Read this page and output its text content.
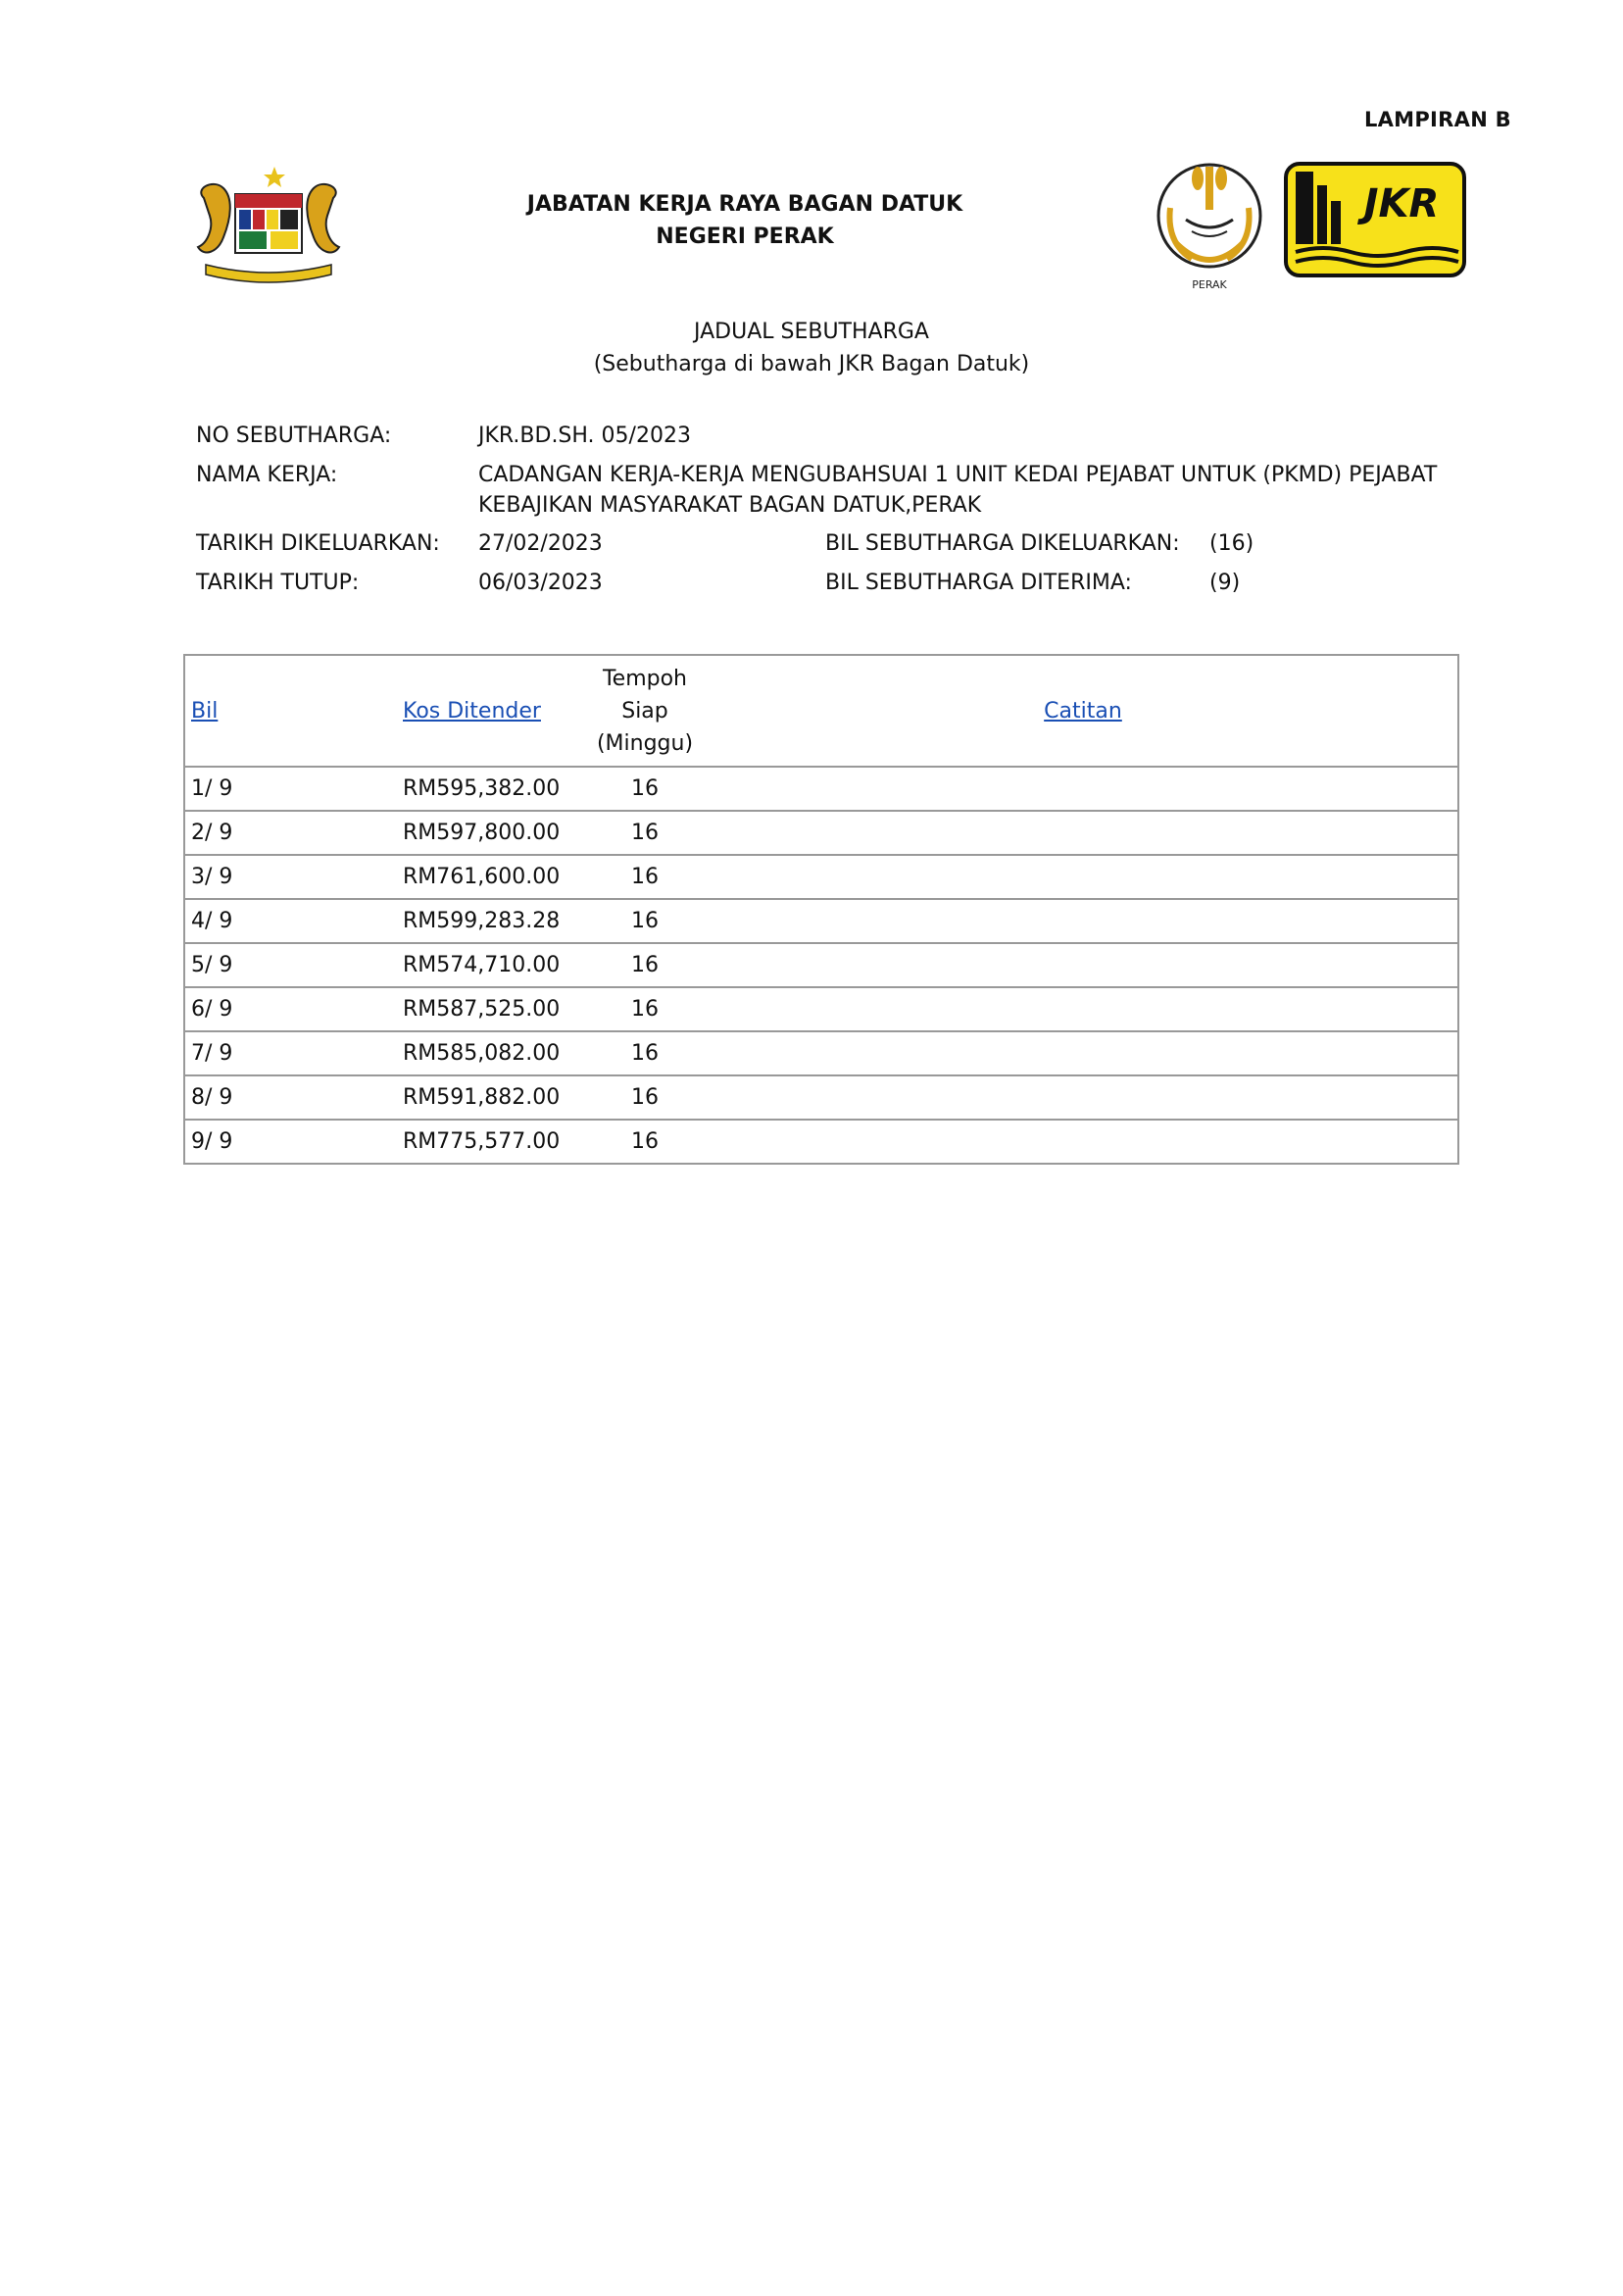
LAMPIRAN B
JABATAN KERJA RAYA BAGAN DATUK
NEGERI PERAK
PERAK
JKR
JADUAL SEBUTHARGA
(Sebutharga di bawah JKR Bagan Datuk)
NO SEBUTHARGA:	JKR.BD.SH. 05/2023
NAMA KERJA:	CADANGAN KERJA-KERJA MENGUBAHSUAI 1 UNIT KEDAI PEJABAT UNTUK (PKMD) PEJABAT
KEBAJIKAN MASYARAKAT BAGAN DATUK,PERAK
TARIKH DIKELUARKAN: 27/02/2023	BIL SEBUTHARGA DIKELUARKAN: (16)
TARIKH TUTUP:	06/03/2023	BIL SEBUTHARGA DITERIMA:	(9)
Bil	Kos Ditender	Tempoh
Siap
(Minggu)	Catitan
1/ 9	RM595,382.00	16	
2/ 9	RM597,800.00	16	
3/ 9	RM761,600.00	16	
4/ 9	RM599,283.28	16	
5/ 9	RM574,710.00	16	
6/ 9	RM587,525.00	16	
7/ 9	RM585,082.00	16	
8/ 9	RM591,882.00	16	
9/ 9	RM775,577.00	16	
